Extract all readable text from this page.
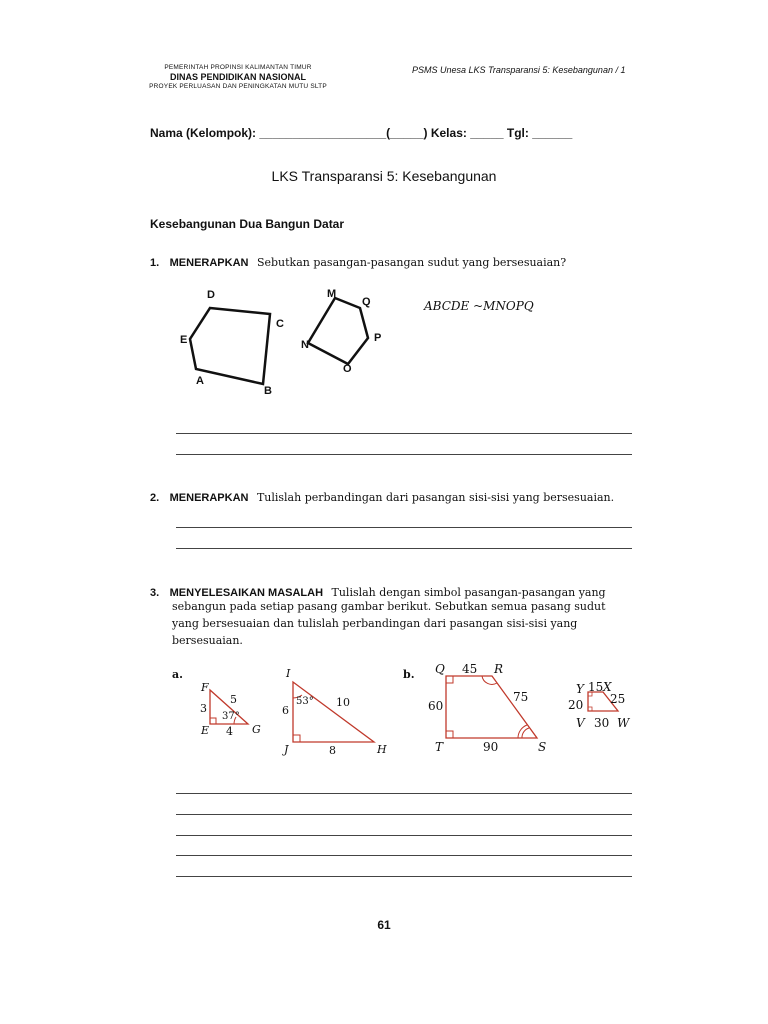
PEMERINTAH PROPINSI KALIMANTAN TIMUR
DINAS PENDIDIKAN NASIONAL
PROYEK PERLUASAN DAN PENINGKATAN MUTU SLTP
PSMS Unesa LKS Transparansi 5: Kesebangunan / 1
Nama (Kelompok): ___________________(_____) Kelas: _____ Tgl: ______
LKS Transparansi 5: Kesebangunan
Kesebangunan Dua Bangun Datar
1. MENERAPKAN Sebutkan pasangan-pasangan sudut yang bersesuaian?
D
C
E
A
B
M
Q
N
P
O
ABCDE ~MNOPQ
2. MENERAPKAN Tulislah perbandingan dari pasangan sisi-sisi yang bersesuaian.
3. MENYELESAIKAN MASALAH Tulislah dengan simbol pasangan-pasangan yang
sebangun pada setiap pasang gambar berikut. Sebutkan semua pasang sudut
yang bersesuaian dan tulislah perbandingan dari pasangan sisi-sisi yang
bersesuaian.
a.
F
E	G
5
3
4
37°
I
J	H
10
6
8
53°
b. Q	R
T	S
45
60
75
90
Y X
V	W
15
20 25
30
61
